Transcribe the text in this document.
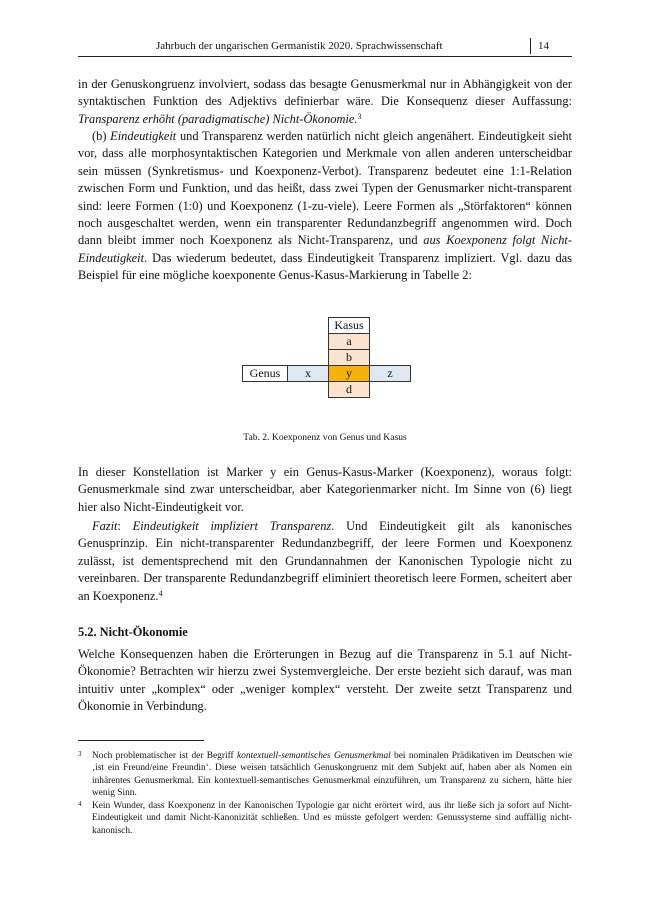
Jahrbuch der ungarischen Germanistik 2020. Sprachwissenschaft	14

in der Genuskongruenz involviert, sodass das besagte Genusmerkmal nur in Abhängigkeit von der syntaktischen Funktion des Adjektivs definierbar wäre. Die Konsequenz dieser Auffassung: Transparenz erhöht (paradigmatische) Nicht-Ökonomie.$^3$

(b) Eindeutigkeit und Transparenz werden natürlich nicht gleich angenähert. Eindeutigkeit sieht vor, dass alle morphosyntaktischen Kategorien und Merkmale von allen anderen unterscheidbar sein müssen (Synkretismus- und Koexponenz-Verbot). Transparenz bedeutet eine 1:1-Relation zwischen Form und Funktion, und das heißt, dass zwei Typen der Genusmarker nicht-transparent sind: leere Formen (1:0) und Koexponenz (1-zu-viele). Leere Formen als „Störfaktoren“ können noch ausgeschaltet werden, wenn ein transparenter Redundanzbegriff angenommen wird. Doch dann bleibt immer noch Koexponenz als Nicht-Transparenz, und aus Koexponenz folgt Nicht-Eindeutigkeit. Das wiederum bedeutet, dass Eindeutigkeit Transparenz impliziert. Vgl. dazu das Beispiel für eine mögliche koexponente Genus-Kasus-Markierung in Tabelle 2:

		Kasus	
		a	
		b	
Genus	x	y	z
		d	
Tab. 2. Koexponenz von Genus und Kasus

In dieser Konstellation ist Marker y ein Genus-Kasus-Marker (Koexponenz), woraus folgt: Genusmerkmale sind zwar unterscheidbar, aber Kategorienmarker nicht. Im Sinne von (6) liegt hier also Nicht-Eindeutigkeit vor.

Fazit: Eindeutigkeit impliziert Transparenz. Und Eindeutigkeit gilt als kanonisches Genusprinzip. Ein nicht-transparenter Redundanzbegriff, der leere Formen und Koexponenz zulässt, ist dementsprechend mit den Grundannahmen der Kanonischen Typologie nicht zu vereinbaren. Der transparente Redundanzbegriff eliminiert theoretisch leere Formen, scheitert aber an Koexponenz.$^4$

5.2. Nicht-Ökonomie

Welche Konsequenzen haben die Erörterungen in Bezug auf die Transparenz in 5.1 auf Nicht-Ökonomie? Betrachten wir hierzu zwei Systemvergleiche. Der erste bezieht sich darauf, was man intuitiv unter „komplex“ oder „weniger komplex“ versteht. Der zweite setzt Transparenz und Ökonomie in Verbindung.

3 Noch problematischer ist der Begriff kontextuell-semantisches Genusmerkmal bei nominalen Prädikativen im Deutschen wie ‚ist ein Freund/eine Freundin‘. Diese weisen tatsächlich Genuskongruenz mit dem Subjekt auf, haben aber als Nomen ein inhärentes Genusmerkmal. Ein kontextuell-semantisches Genusmerkmal einzuführen, um Transparenz zu sichern, hätte hier wenig Sinn.
4 Kein Wunder, dass Koexponenz in der Kanonischen Typologie gar nicht erörtert wird, aus ihr ließe sich ja sofort auf Nicht-Eindeutigkeit und damit Nicht-Kanonizität schließen. Und es müsste gefolgert werden: Genussysteme sind auffällig nicht-kanonisch.
